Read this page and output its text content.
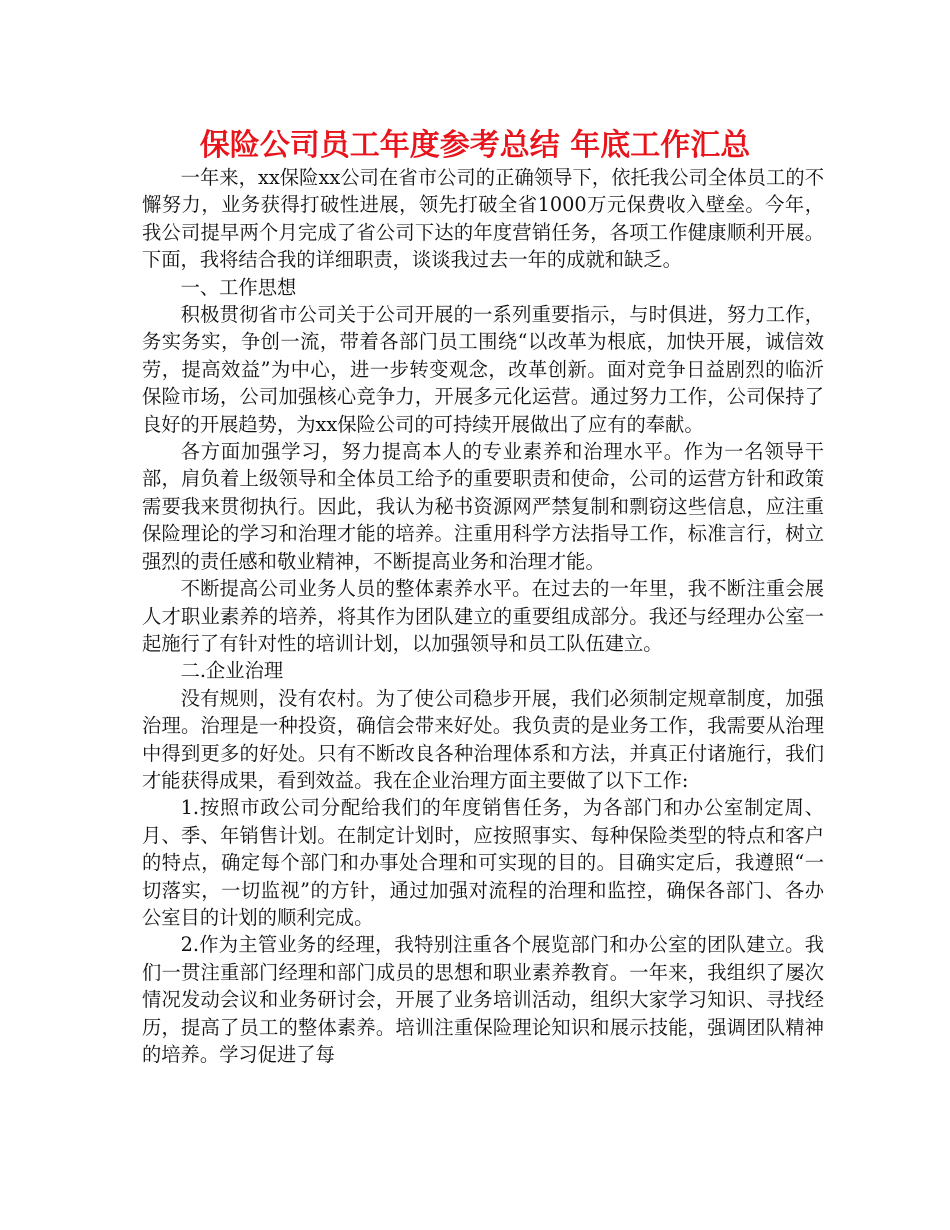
保险公司员工年度参考总结 年底工作汇总

一年来，xx保险xx公司在省市公司的正确领导下，依托我公司全体员工的不懈努力，业务获得打破性进展，领先打破全省1000万元保费收入壁垒。今年，我公司提早两个月完成了省公司下达的年度营销任务，各项工作健康顺利开展。下面，我将结合我的详细职责，谈谈我过去一年的成就和缺乏。

一、工作思想

积极贯彻省市公司关于公司开展的一系列重要指示，与时俱进，努力工作，务实务实，争创一流，带着各部门员工围绕“以改革为根底，加快开展，诚信效劳，提高效益”为中心，进一步转变观念，改革创新。面对竞争日益剧烈的临沂保险市场，公司加强核心竞争力，开展多元化运营。通过努力工作，公司保持了良好的开展趋势，为xx保险公司的可持续开展做出了应有的奉献。

各方面加强学习，努力提高本人的专业素养和治理水平。作为一名领导干部，肩负着上级领导和全体员工给予的重要职责和使命，公司的运营方针和政策需要我来贯彻执行。因此，我认为秘书资源网严禁复制和剽窃这些信息，应注重保险理论的学习和治理才能的培养。注重用科学方法指导工作，标准言行，树立强烈的责任感和敬业精神，不断提高业务和治理才能。

不断提高公司业务人员的整体素养水平。在过去的一年里，我不断注重会展人才职业素养的培养，将其作为团队建立的重要组成部分。我还与经理办公室一起施行了有针对性的培训计划，以加强领导和员工队伍建立。

二.企业治理

没有规则，没有农村。为了使公司稳步开展，我们必须制定规章制度，加强治理。治理是一种投资，确信会带来好处。我负责的是业务工作，我需要从治理中得到更多的好处。只有不断改良各种治理体系和方法，并真正付诸施行，我们才能获得成果，看到效益。我在企业治理方面主要做了以下工作:

1.按照市政公司分配给我们的年度销售任务，为各部门和办公室制定周、月、季、年销售计划。在制定计划时，应按照事实、每种保险类型的特点和客户的特点，确定每个部门和办事处合理和可实现的目的。目确实定后，我遵照“一切落实，一切监视”的方针，通过加强对流程的治理和监控，确保各部门、各办公室目的计划的顺利完成。

2.作为主管业务的经理，我特别注重各个展览部门和办公室的团队建立。我们一贯注重部门经理和部门成员的思想和职业素养教育。一年来，我组织了屡次情况发动会议和业务研讨会，开展了业务培训活动，组织大家学习知识、寻找经历，提高了员工的整体素养。培训注重保险理论知识和展示技能，强调团队精神的培养。学习促进了每
